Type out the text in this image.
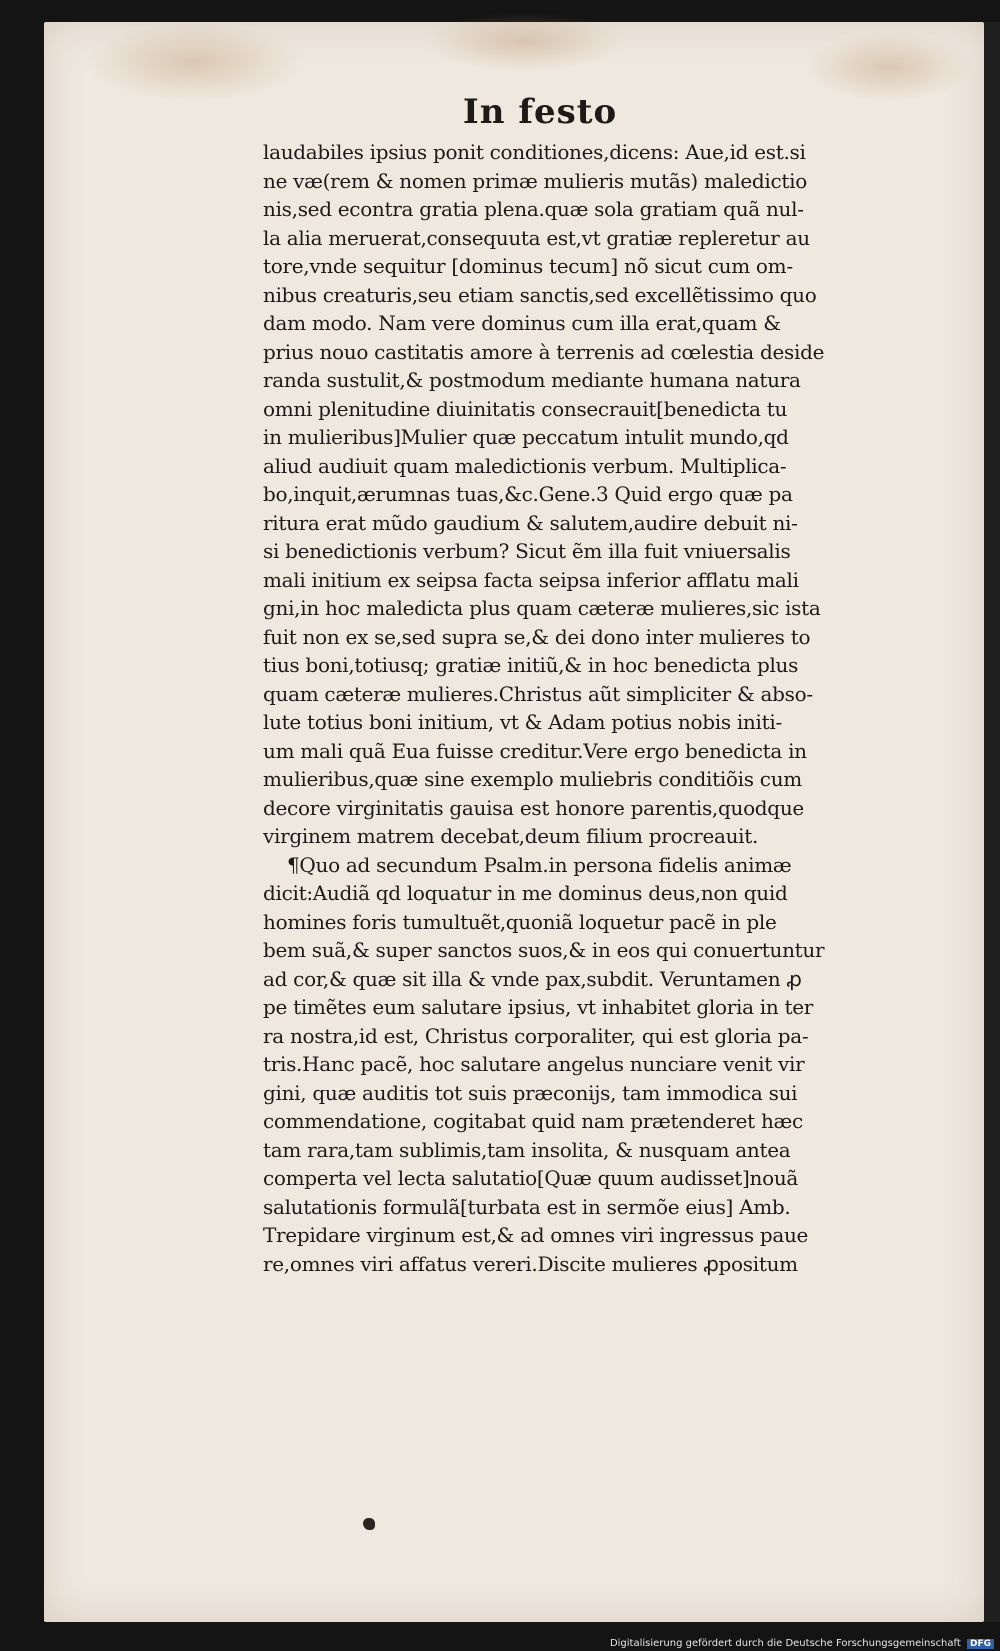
In festo
laudabiles ipsius ponit conditiones,dicens: Aue,id est.si
ne væ(rem & nomen primæ mulieris mutãs) maledictio
nis,sed econtra gratia plena.quæ sola gratiam quã nul-
la alia meruerat,consequuta est,vt gratiæ repleretur au
tore,vnde sequitur [dominus tecum] nõ sicut cum om-
nibus creaturis,seu etiam sanctis,sed excellẽtissimo quo
dam modo. Nam vere dominus cum illa erat,quam &
prius nouo castitatis amore à terrenis ad cœlestia deside
randa sustulit,& postmodum mediante humana natura
omni plenitudine diuinitatis consecrauit[benedicta tu
in mulieribus]Mulier quæ peccatum intulit mundo,qd
aliud audiuit quam maledictionis verbum. Multiplica-
bo,inquit,ærumnas tuas,&c.Gene.3 Quid ergo quæ pa
ritura erat mũdo gaudium & salutem,audire debuit ni-
si benedictionis verbum? Sicut ẽm illa fuit vniuersalis
mali initium ex seipsa facta seipsa inferior afflatu mali
gni,in hoc maledicta plus quam cæteræ mulieres,sic ista
fuit non ex se,sed supra se,& dei dono inter mulieres to
tius boni,totiusq; gratiæ initiũ,& in hoc benedicta plus
quam cæteræ mulieres.Christus aũt simpliciter & abso-
lute totius boni initium, vt & Adam potius nobis initi-
um mali quã Eua fuisse creditur.Vere ergo benedicta in
mulieribus,quæ sine exemplo muliebris conditiõis cum
decore virginitatis gauisa est honore parentis,quodque
virginem matrem decebat,deum filium procreauit.
¶Quo ad secundum Psalm.in persona fidelis animæ
dicit:Audiã qd loquatur in me dominus deus,non quid
homines foris tumultuẽt,quoniã loquetur pacẽ in ple
bem suã,& super sanctos suos,& in eos qui conuertuntur
ad cor,& quæ sit illa & vnde pax,subdit. Veruntamen ꝓ
pe timẽtes eum salutare ipsius, vt inhabitet gloria in ter
ra nostra,id est, Christus corporaliter, qui est gloria pa-
tris.Hanc pacẽ, hoc salutare angelus nunciare venit vir
gini, quæ auditis tot suis præconijs, tam immodica sui
commendatione, cogitabat quid nam prætenderet hæc
tam rara,tam sublimis,tam insolita, & nusquam antea
comperta vel lecta salutatio[Quæ quum audisset]nouã
salutationis formulã[turbata est in sermõe eius] Amb.
Trepidare virginum est,& ad omnes viri ingressus paue
re,omnes viri affatus vereri.Discite mulieres ꝓpositum
Digitalisierung gefördert durch die Deutsche Forschungsgemeinschaft DFG
